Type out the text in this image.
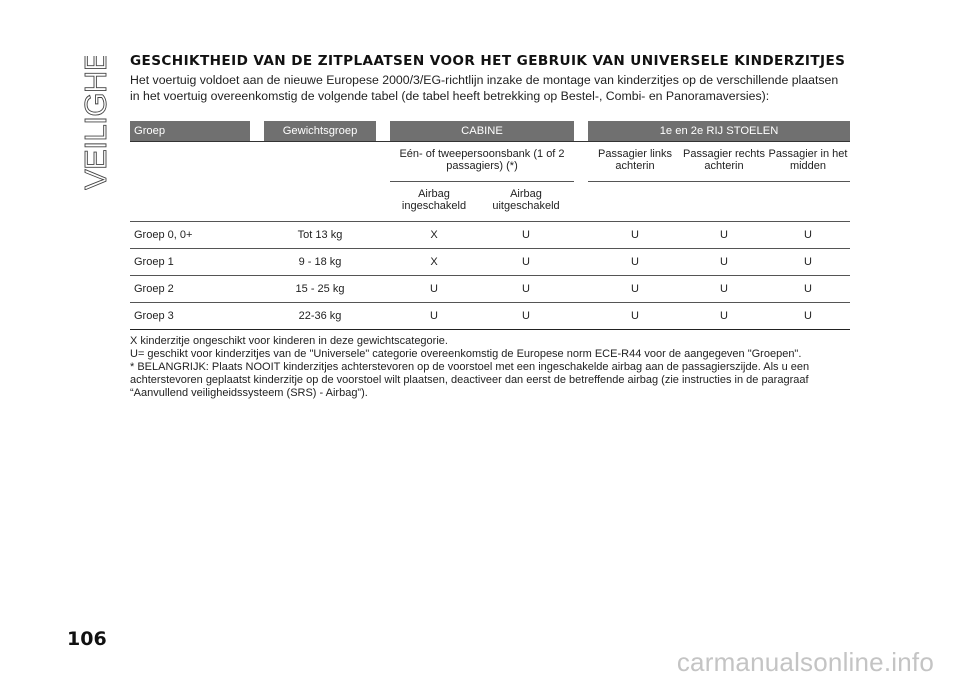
VEILIGHEID GESCHIKTHEID VAN DE ZITPLAATSEN VOOR HET GEBRUIK VAN UNIVERSELE KINDERZITJES

Het voertuig voldoet aan de nieuwe Europese 2000/3/EG-richtlijn inzake de montage van kinderzitjes op de verschillende plaatsen in het voertuig overeenkomstig de volgende tabel (de tabel heeft betrekking op Bestel-, Combi- en Panoramaversies):

Groep		Gewichtsgroep		CABINE			1e en 2e RIJ STOELEN		
				Eén- of tweepersoonsbank (1 of 2 passagiers) (*)			Passagier links achterin	Passagier rechts achterin	Passagier in het midden
				Airbag ingeschakeld	Airbag uitgeschakeld				
Groep 0, 0+		Tot 13 kg		X	U		U	U	U
Groep 1		9 - 18 kg		X	U		U	U	U
Groep 2		15 - 25 kg		U	U		U	U	U
Groep 3		22-36 kg		U	U		U	U	U

X kinderzitje ongeschikt voor kinderen in deze gewichtscategorie.

U= geschikt voor kinderzitjes van de "Universele" categorie overeenkomstig de Europese norm ECE-R44 voor de aangegeven "Groepen".

* BELANGRIJK: Plaats NOOIT kinderzitjes achterstevoren op de voorstoel met een ingeschakelde airbag aan de passagierszijde. Als u een achterstevoren geplaatst kinderzitje op de voorstoel wilt plaatsen, deactiveer dan eerst de betreffende airbag (zie instructies in de paragraaf “Aanvullend veiligheidssysteem (SRS) - Airbag”).

106

carmanualsonline.info
